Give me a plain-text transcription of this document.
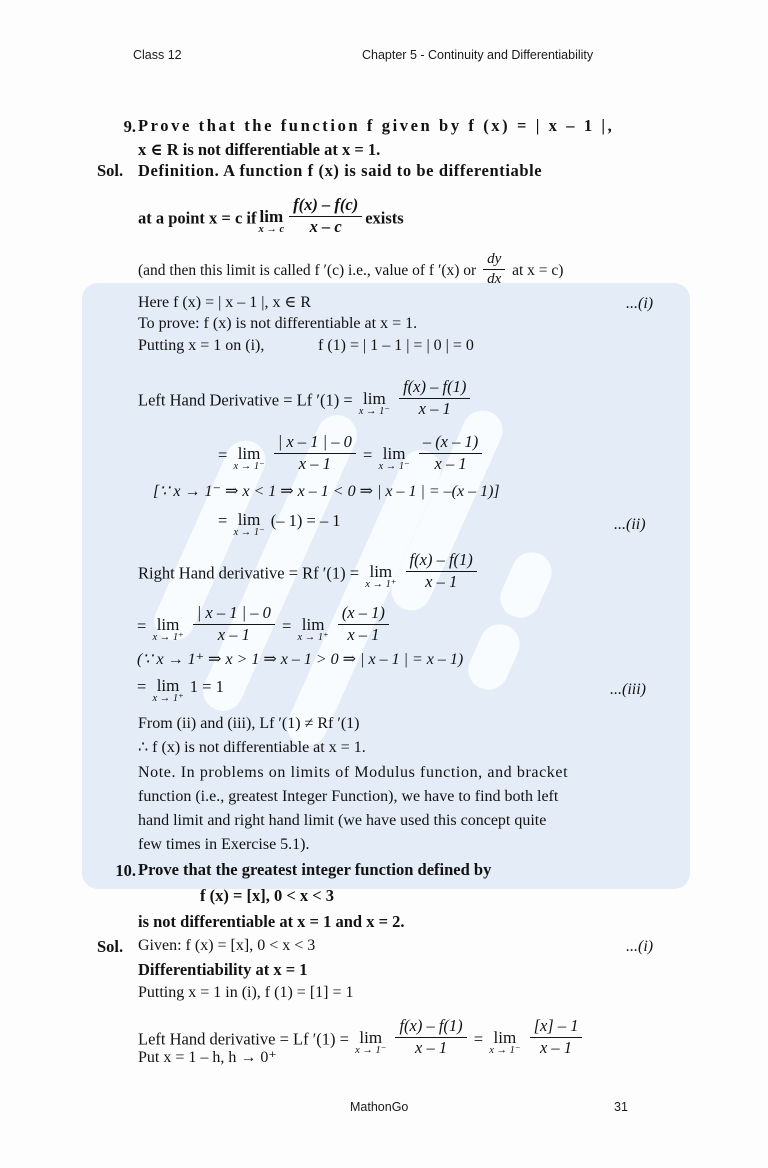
Class 12	Chapter 5 - Continuity and Differentiability
9. Prove that the function f given by f (x) = | x – 1 |,
x ∈ R is not differentiable at x = 1.
Sol. Definition. A function f (x) is said to be differentiable
at a point x = c if lim
x → c $\frac{f(x) - f(c)}{x - c}$ exists
(and then this limit is called f ′(c) i.e., value of f ′(x) or $\frac{dy}{dx}$ at x = c)
Here f (x) = | x – 1 |, x ∈ R	...(i)
To prove: f (x) is not differentiable at x = 1.
Putting x = 1 on (i),	f (1) = | 1 – 1 | = | 0 | = 0
Left Hand Derivative = Lf ′(1) = lim
x → 1⁻
$\frac{f(x) - f(1)}{x - 1}$
= lim
x → 1⁻
$\frac{| x - 1 | - 0}{x - 1} = \lim$
x → 1⁻
$\frac{- (x - 1)}{x - 1}$
[∵ x → 1⁻ ⇒ x < 1 ⇒ x – 1 < 0 ⇒ | x – 1 | = –(x – 1)]
= lim
x → 1⁻
(– 1) = – 1	...(ii)
Right Hand derivative = Rf ′(1) = lim
x → 1⁺
$\frac{f(x) - f(1)}{x - 1}$
= lim
x → 1⁺
$\frac{| x - 1 | - 0}{x - 1} = \lim$
x → 1⁺
$\frac{(x - 1)}{x - 1}$
(∵ x → 1⁺ ⇒ x > 1 ⇒ x – 1 > 0 ⇒ | x – 1 | = x – 1)
= lim
x → 1⁺
1 = 1	...(iii)
From (ii) and (iii), Lf ′(1) ≠ Rf ′(1)
∴ f (x) is not differentiable at x = 1.
Note. In problems on limits of Modulus function, and bracket
function (i.e., greatest Integer Function), we have to find both left
hand limit and right hand limit (we have used this concept quite
few times in Exercise 5.1).
10. Prove that the greatest integer function defined by
f (x) = [x], 0 < x < 3
is not differentiable at x = 1 and x = 2.
Sol. Given: f (x) = [x], 0 < x < 3	...(i)
Differentiability at x = 1
Putting x = 1 in (i), f (1) = [1] = 1
Left Hand derivative = Lf ′(1) = lim
x → 1⁻
$\frac{f(x) - f(1)}{x - 1} = \lim$
x → 1⁻
$\frac{[x] - 1}{x - 1}$
Put x = 1 – h, h → 0⁺
MathonGo	31
